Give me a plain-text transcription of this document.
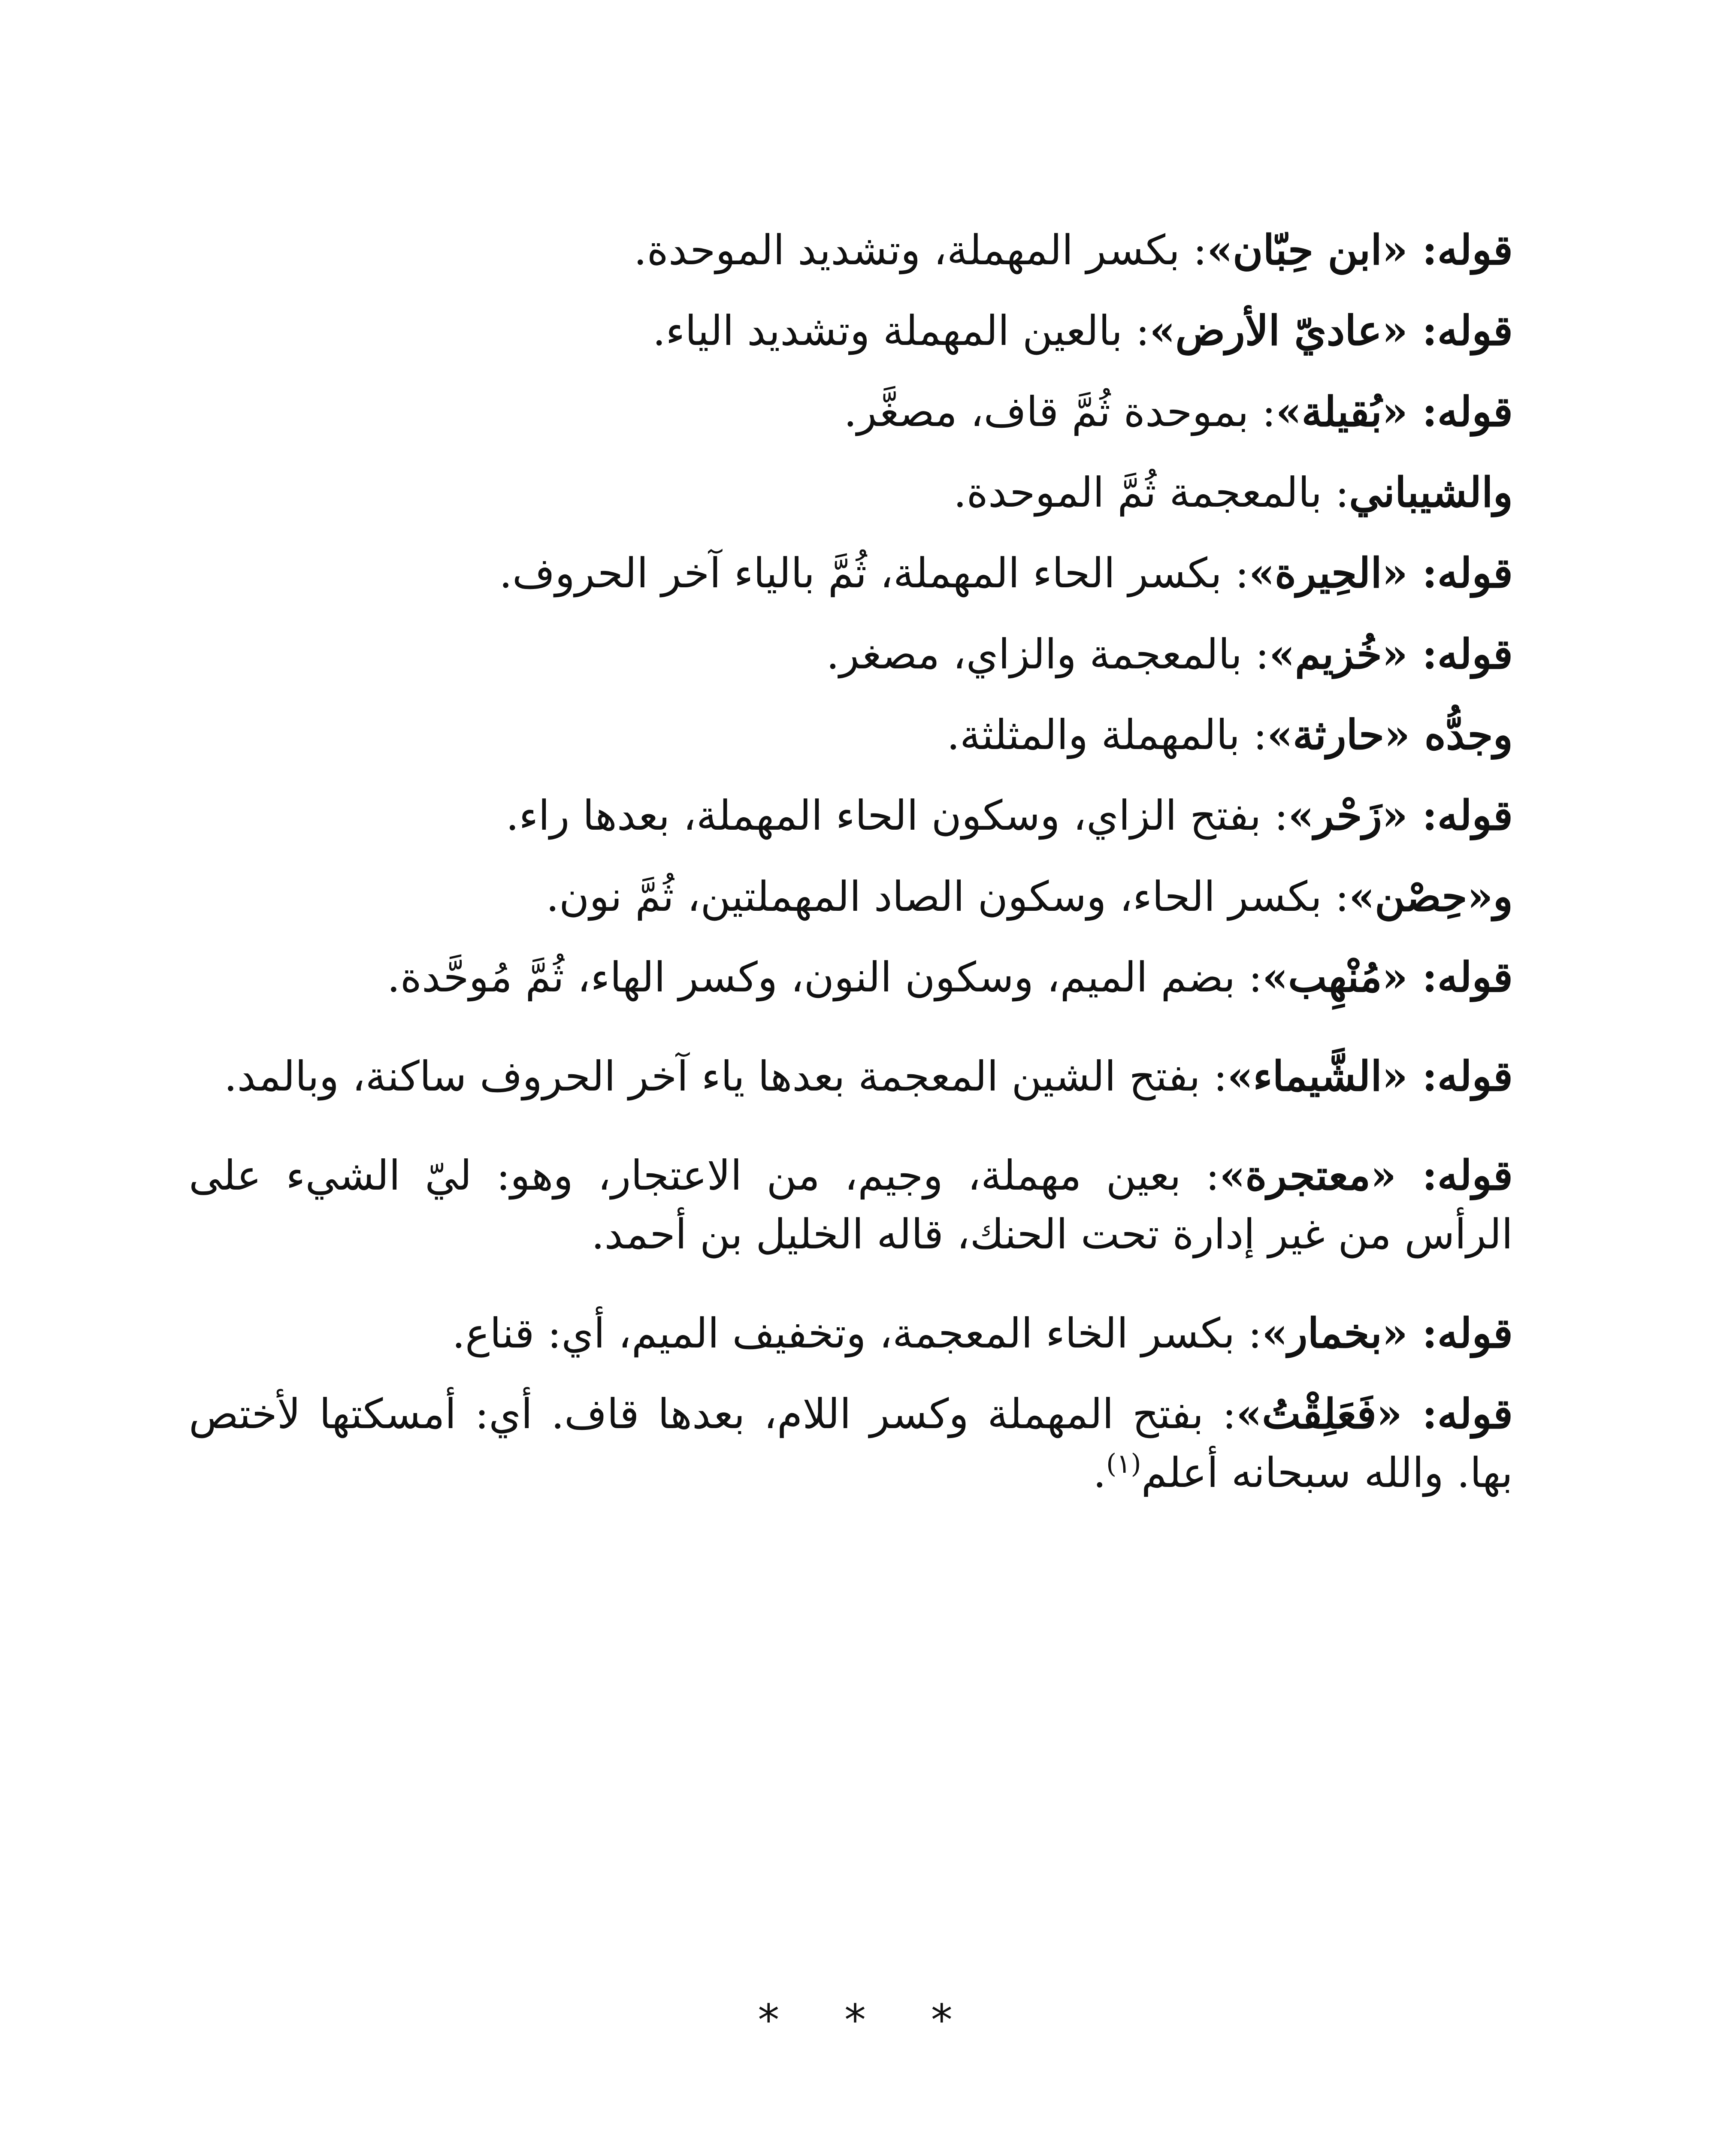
قوله: «ابن حِبّان»: بكسر المهملة، وتشديد الموحدة.

قوله: «عاديّ الأرض»: بالعين المهملة وتشديد الياء.

قوله: «بُقيلة»: بموحدة ثُمَّ قاف، مصغَّر.

والشيباني: بالمعجمة ثُمَّ الموحدة.

قوله: «الحِيرة»: بكسر الحاء المهملة، ثُمَّ بالياء آخر الحروف.

قوله: «خُزيم»: بالمعجمة والزاي، مصغر.

وجدُّه «حارثة»: بالمهملة والمثلثة.

قوله: «زَحْر»: بفتح الزاي، وسكون الحاء المهملة، بعدها راء.

و«حِصْن»: بكسر الحاء، وسكون الصاد المهملتين، ثُمَّ نون.

قوله: «مُنْهِب»: بضم الميم، وسكون النون، وكسر الهاء، ثُمَّ مُوحَّدة.

قوله: «الشَّيماء»: بفتح الشين المعجمة بعدها ياء آخر الحروف ساكنة، وبالمد.

قوله: «معتجرة»: بعين مهملة، وجيم، من الاعتجار، وهو: ليّ الشيء على الرأس من غير إدارة تحت الحنك، قاله الخليل بن أحمد.

قوله: «بخمار»: بكسر الخاء المعجمة، وتخفيف الميم، أي: قناع.

قوله: «فَعَلِقْتُ»: بفتح المهملة وكسر اللام، بعدها قاف. أي: أمسكتها لأختص بها. والله سبحانه أعلم$^{(١)}$.

* * *
